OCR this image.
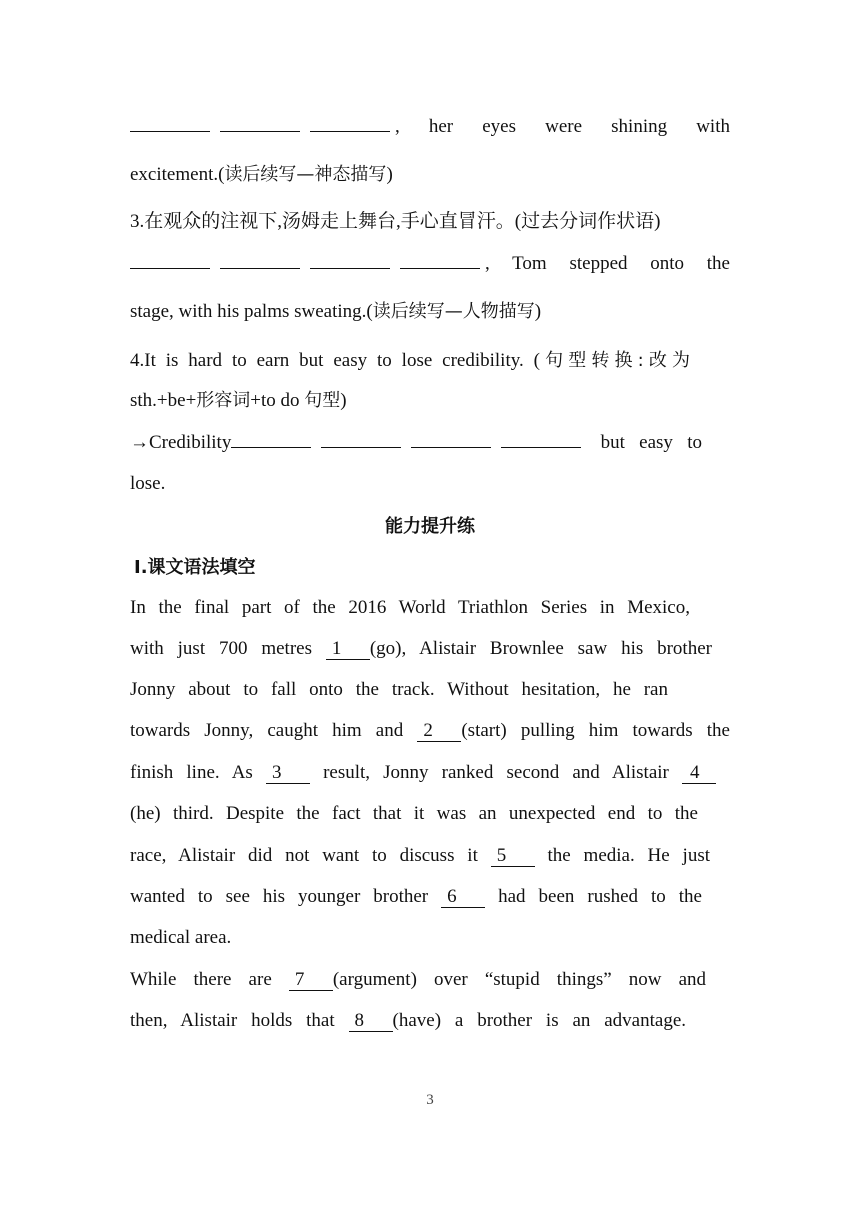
, her eyes were shining with
excitement.(读后续写—神态描写)
3.在观众的注视下,汤姆走上舞台,手心直冒汗。(过去分词作状语)
, Tom stepped onto the
stage, with his palms sweating.(读后续写—人物描写)
4.It is hard to earn but easy to lose credibility. (句型转换:改为
sth.+be+形容词+to do 句型)
→Credibility	but easy to
lose.
能力提升练
Ⅰ.课文语法填空
In the final part of the 2016 World Triathlon Series in Mexico,
with just 700 metres 1 (go), Alistair Brownlee saw his brother
Jonny about to fall onto the track. Without hesitation, he ran
towards Jonny, caught him and 2 (start) pulling him towards the
finish line. As 3 result, Jonny ranked second and Alistair 4
(he) third. Despite the fact that it was an unexpected end to the
race, Alistair did not want to discuss it 5 the media. He just
wanted to see his younger brother 6 had been rushed to the
medical area.
While there are 7 (argument) over “stupid things” now and
then, Alistair holds that 8 (have) a brother is an advantage.
3
